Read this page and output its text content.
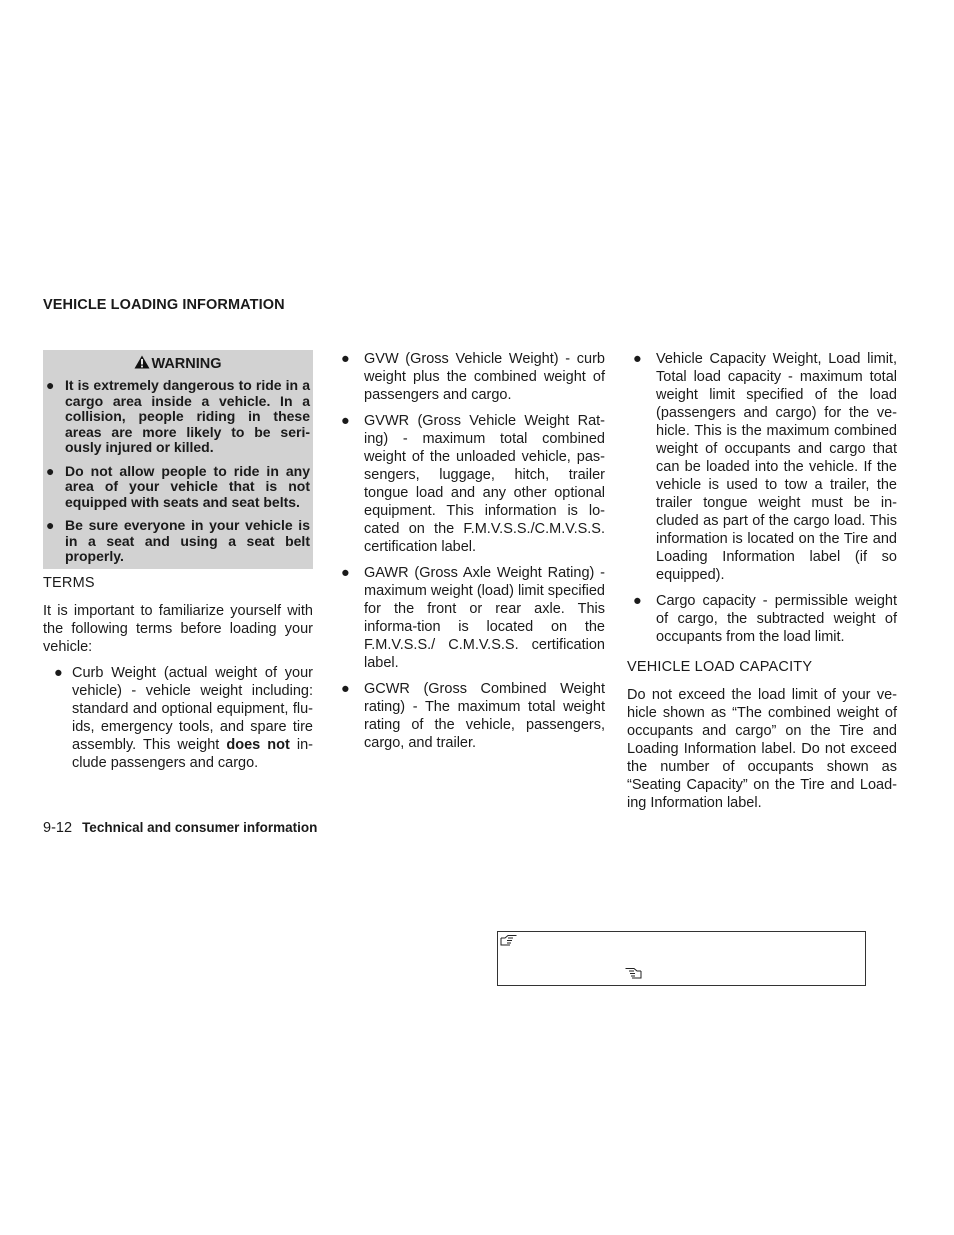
VEHICLE LOADING INFORMATION
WARNING
● It is extremely dangerous to ride in a cargo area inside a vehicle. In a collision, people riding in these areas are more likely to be seri-ously injured or killed.
● Do not allow people to ride in any area of your vehicle that is not equipped with seats and seat belts.
● Be sure everyone in your vehicle is in a seat and using a seat belt properly.
TERMS

It is important to familiarize yourself with the following terms before loading your vehicle:

● Curb Weight (actual weight of your vehicle) - vehicle weight including: standard and optional equipment, flu-ids, emergency tools, and spare tire assembly. This weight does not in-clude passengers and cargo.
● GVW (Gross Vehicle Weight) - curb weight plus the combined weight of passengers and cargo.
● GVWR (Gross Vehicle Weight Rat-ing) - maximum total combined weight of the unloaded vehicle, pas-sengers, luggage, hitch, trailer tongue load and any other optional equipment. This information is lo-cated on the F.M.V.S.S./C.M.V.S.S. certification label.
● GAWR (Gross Axle Weight Rating) - maximum weight (load) limit specified for the front or rear axle. This informa-tion is located on the F.M.V.S.S./ C.M.V.S.S. certification label.
● GCWR (Gross Combined Weight rating) - The maximum total weight rating of the vehicle, passengers, cargo, and trailer.
● Vehicle Capacity Weight, Load limit, Total load capacity - maximum total weight limit specified of the load (passengers and cargo) for the ve-hicle. This is the maximum combined weight of occupants and cargo that can be loaded into the vehicle. If the vehicle is used to tow a trailer, the trailer tongue weight must be in-cluded as part of the cargo load. This information is located on the Tire and Loading Information label (if so equipped).
● Cargo capacity - permissible weight of cargo, the subtracted weight of occupants from the load limit.
VEHICLE LOAD CAPACITY

Do not exceed the load limit of your ve-hicle shown as “The combined weight of occupants and cargo” on the Tire and Loading Information label. Do not exceed the number of occupants shown as “Seating Capacity” on the Tire and Load-ing Information label.

9-12 Technical and consumer information
